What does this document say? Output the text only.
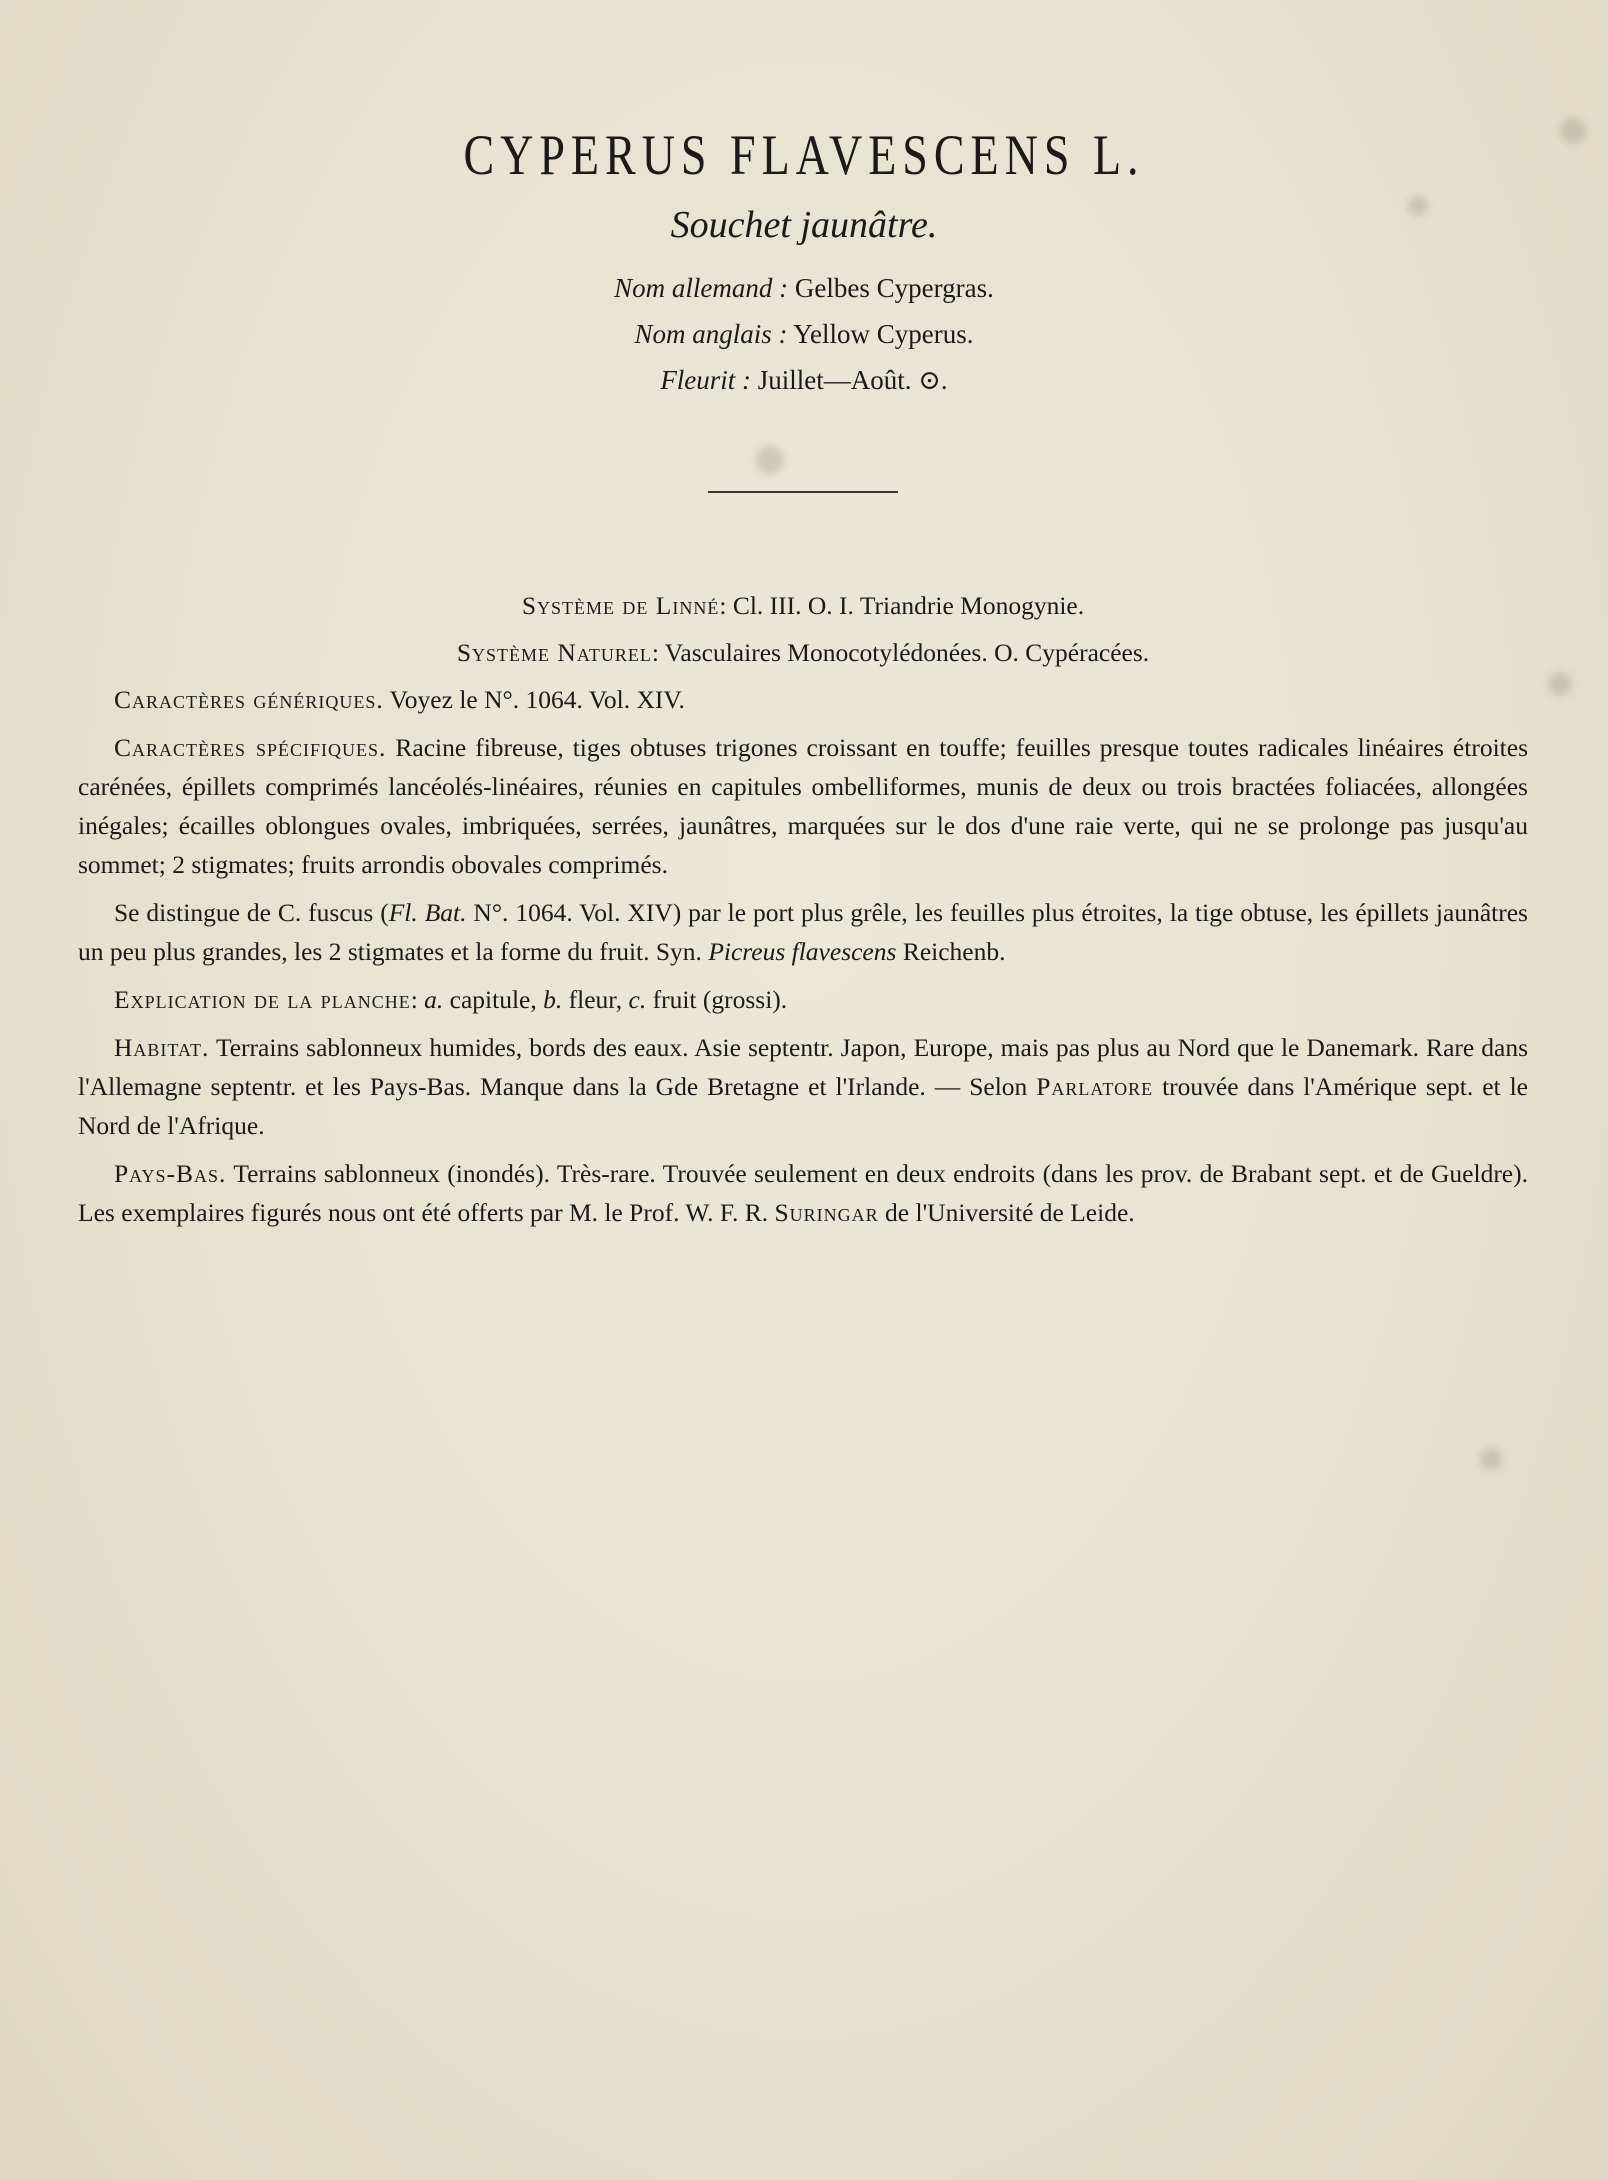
CYPERUS FLAVESCENS L.
Souchet jaunâtre.
Nom allemand : Gelbes Cypergras.
Nom anglais : Yellow Cyperus.
Fleurit : Juillet—Août. ⊙.

Système de Linné: Cl. III. O. I. Triandrie Monogynie.

Système Naturel: Vasculaires Monocotylédonées. O. Cypéracées.

Caractères génériques. Voyez le N°. 1064. Vol. XIV.

Caractères spécifiques. Racine fibreuse, tiges obtuses trigones croissant en touffe; feuilles presque toutes radicales linéaires étroites carénées, épillets comprimés lancéolés-linéaires, réunies en capitules ombelliformes, munis de deux ou trois bractées foliacées, allongées inégales; écailles oblongues ovales, imbriquées, serrées, jaunâtres, marquées sur le dos d'une raie verte, qui ne se prolonge pas jusqu'au sommet; 2 stigmates; fruits arrondis obovales comprimés.

Se distingue de C. fuscus (Fl. Bat. N°. 1064. Vol. XIV) par le port plus grêle, les feuilles plus étroites, la tige obtuse, les épillets jaunâtres un peu plus grandes, les 2 stigmates et la forme du fruit. Syn. Picreus flavescens Reichenb.

Explication de la planche: a. capitule, b. fleur, c. fruit (grossi).

Habitat. Terrains sablonneux humides, bords des eaux. Asie septentr. Japon, Europe, mais pas plus au Nord que le Danemark. Rare dans l'Allemagne septentr. et les Pays-Bas. Manque dans la Gde Bretagne et l'Irlande. — Selon Parlatore trouvée dans l'Amérique sept. et le Nord de l'Afrique.

Pays-Bas. Terrains sablonneux (inondés). Très-rare. Trouvée seulement en deux endroits (dans les prov. de Brabant sept. et de Gueldre). Les exemplaires figurés nous ont été offerts par M. le Prof. W. F. R. Suringar de l'Université de Leide.
